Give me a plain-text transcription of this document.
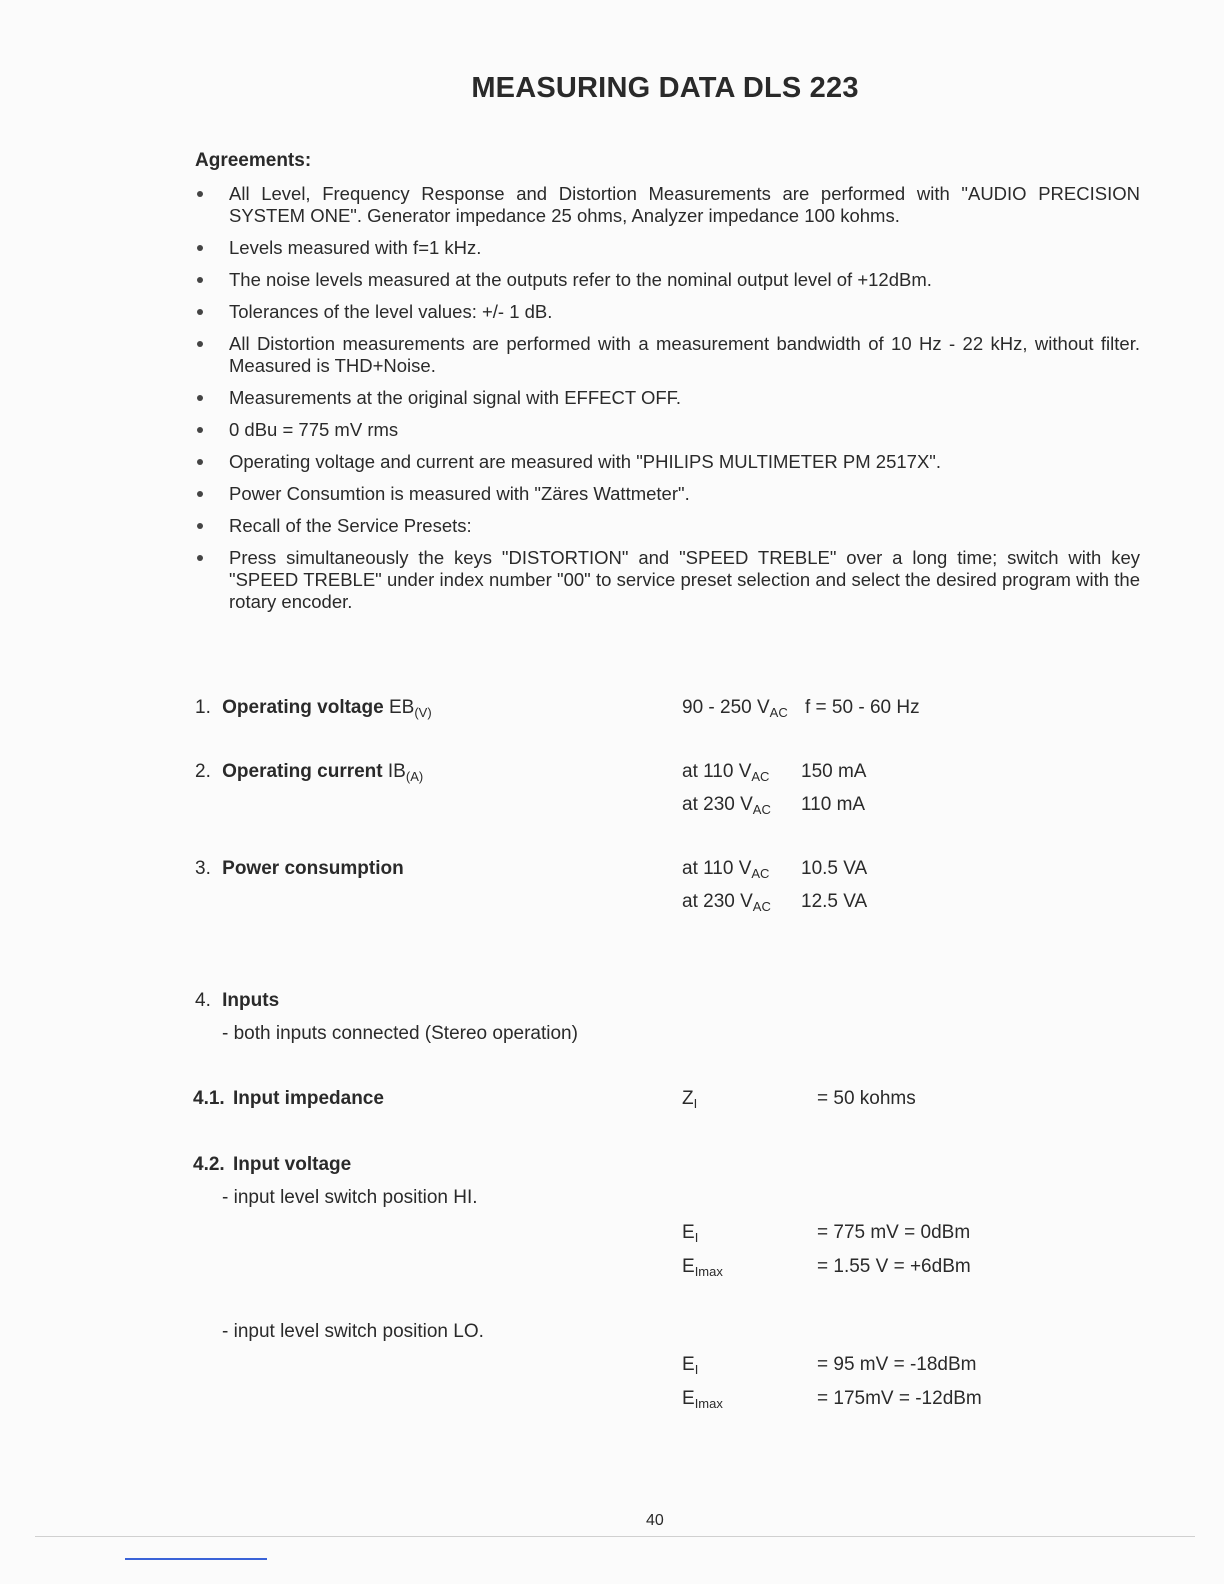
MEASURING DATA DLS 223
Agreements:
All Level, Frequency Response and Distortion Measurements are performed with "AUDIO PRECISION SYSTEM ONE". Generator impedance 25 ohms, Analyzer impedance 100 kohms.
Levels measured with f=1 kHz.
The noise levels measured at the outputs refer to the nominal output level of +12dBm.
Tolerances of the level values: +/- 1 dB.
All Distortion measurements are performed with a measurement bandwidth of 10 Hz - 22 kHz, without filter. Measured is THD+Noise.
Measurements at the original signal with EFFECT OFF.
0 dBu = 775 mV rms
Operating voltage and current are measured with "PHILIPS MULTIMETER PM 2517X".
Power Consumtion is measured with "Zäres Wattmeter".
Recall of the Service Presets:
Press simultaneously the keys "DISTORTION" and "SPEED TREBLE" over a long time; switch with key "SPEED TREBLE" under index number "00" to service preset selection and select the desired program with the rotary encoder.
1. Operating voltage $EB_{(V)}$	90 - 250 $V_{AC}$ f = 50 - 60 Hz
2. Operating current $IB_{(A)}$	at 110 $V_{AC}$ 150 mA
at 230 $V_{AC}$ 110 mA
3. Power consumption	at 110 $V_{AC}$ 10.5 VA
at 230 $V_{AC}$ 12.5 VA
4. Inputs
- both inputs connected (Stereo operation)
4.1. Input impedance	$Z_I$	= 50 kohms
4.2. Input voltage
- input level switch position HI.
$E_I$	= 775 mV = 0dBm
$E_{Imax}$	= 1.55 V = +6dBm
- input level switch position LO.
$E_I$	= 95 mV = -18dBm
$E_{Imax}$	= 175mV = -12dBm
40
